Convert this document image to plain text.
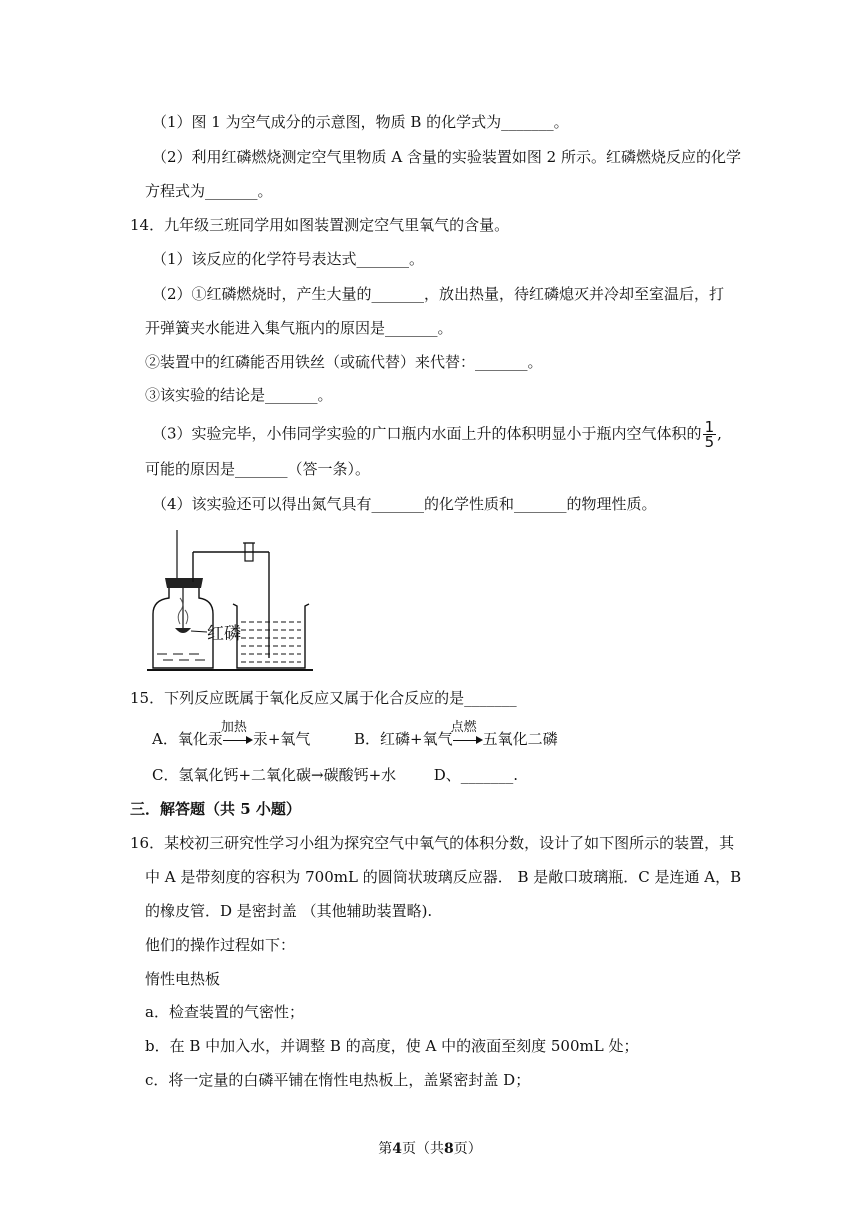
（1）图 1 为空气成分的示意图，物质 B 的化学式为_______。
（2）利用红磷燃烧测定空气里物质 A 含量的实验装置如图 2 所示。红磷燃烧反应的化学
方程式为_______。
14．九年级三班同学用如图装置测定空气里氧气的含量。
（1）该反应的化学符号表达式_______。
（2）①红磷燃烧时，产生大量的_______，放出热量，待红磷熄灭并冷却至室温后，打
开弹簧夹水能进入集气瓶内的原因是_______。
②装置中的红磷能否用铁丝（或硫代替）来代替：_______。
③该实验的结论是_______。
（3）实验完毕，小伟同学实验的广口瓶内水面上升的体积明显小于瓶内空气体积的 $\frac{1}{5}$ ,
可能的原因是_______（答一条）。
（4）该实验还可以得出氮气具有_______的化学性质和_______的物理性质。
红磷
15．下列反应既属于氧化反应又属于化合反应的是_______
A．氧化汞
加热
汞+氧气	B．红磷+氧气
点燃
五氧化二磷
C．氢氧化钙+二氧化碳→碳酸钙+水	D、_______.
三．解答题（共 5 小题）
16．某校初三研究性学习小组为探究空气中氧气的体积分数，设计了如下图所示的装置，其
中 A 是带刻度的容积为 700mL 的圆筒状玻璃反应器． B 是敞口玻璃瓶．C 是连通 A，B
的橡皮管．D 是密封盖 （其他辅助装置略).
他们的操作过程如下：
惰性电热板
a．检查装置的气密性；
b．在 B 中加入水，并调整 B 的高度，使 A 中的液面至刻度 500mL 处；
c．将一定量的白磷平铺在惰性电热板上，盖紧密封盖 D；
第4页（共8页）
